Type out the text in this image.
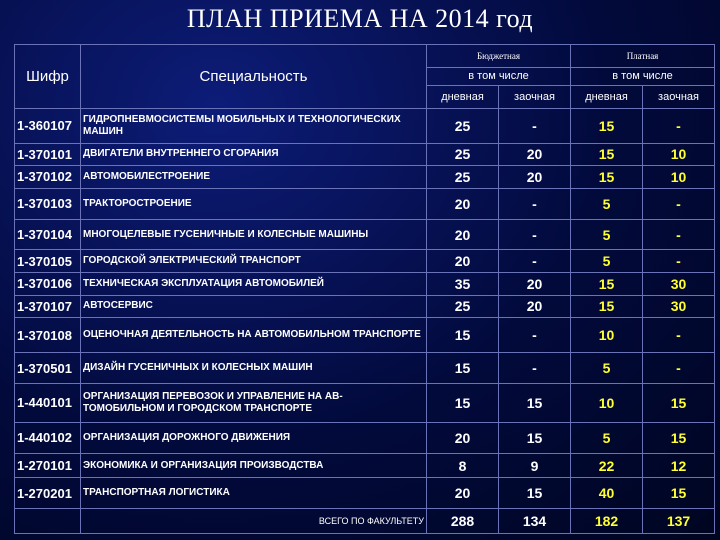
ПЛАН ПРИЕМА НА 2014 год
Шифр	Специальность	Бюджетная		Платная	
		в том числе		в том числе	
		дневная	заочная	дневная	заочная
1-360107	ГИДРОПНЕВМОСИСТЕМЫ МОБИЛЬНЫХ И ТЕХНОЛОГИЧЕСКИХ МАШИН	25	-	15	-
1-370101	ДВИГАТЕЛИ ВНУТРЕННЕГО СГОРАНИЯ	25	20	15	10
1-370102	АВТОМОБИЛЕСТРОЕНИЕ	25	20	15	10
1-370103	ТРАКТОРОСТРОЕНИЕ	20	-	5	-
1-370104	МНОГОЦЕЛЕВЫЕ ГУСЕНИЧНЫЕ И КОЛЕСНЫЕ МАШИНЫ	20	-	5	-
1-370105	ГОРОДСКОЙ ЭЛЕКТРИЧЕСКИЙ ТРАНСПОРТ	20	-	5	-
1-370106	ТЕХНИЧЕСКАЯ ЭКСПЛУАТАЦИЯ АВТОМОБИЛЕЙ	35	20	15	30
1-370107	АВТОСЕРВИС	25	20	15	30
1-370108	ОЦЕНОЧНАЯ ДЕЯТЕЛЬНОСТЬ НА АВТОМОБИЛЬНОМ ТРАНСПОРТЕ	15	-	10	-
1-370501	ДИЗАЙН ГУСЕНИЧНЫХ И КОЛЕСНЫХ МАШИН	15	-	5	-
1-440101	ОРГАНИЗАЦИЯ ПЕРЕВОЗОК И УПРАВЛЕНИЕ НА АВ-ТОМОБИЛЬНОМ И ГОРОДСКОМ ТРАНСПОРТЕ	15	15	10	15
1-440102	ОРГАНИЗАЦИЯ ДОРОЖНОГО ДВИЖЕНИЯ	20	15	5	15
1-270101	ЭКОНОМИКА И ОРГАНИЗАЦИЯ ПРОИЗВОДСТВА	8	9	22	12
1-270201	ТРАНСПОРТНАЯ ЛОГИСТИКА	20	15	40	15
	ВСЕГО ПО ФАКУЛЬТЕТУ	288	134	182	137
